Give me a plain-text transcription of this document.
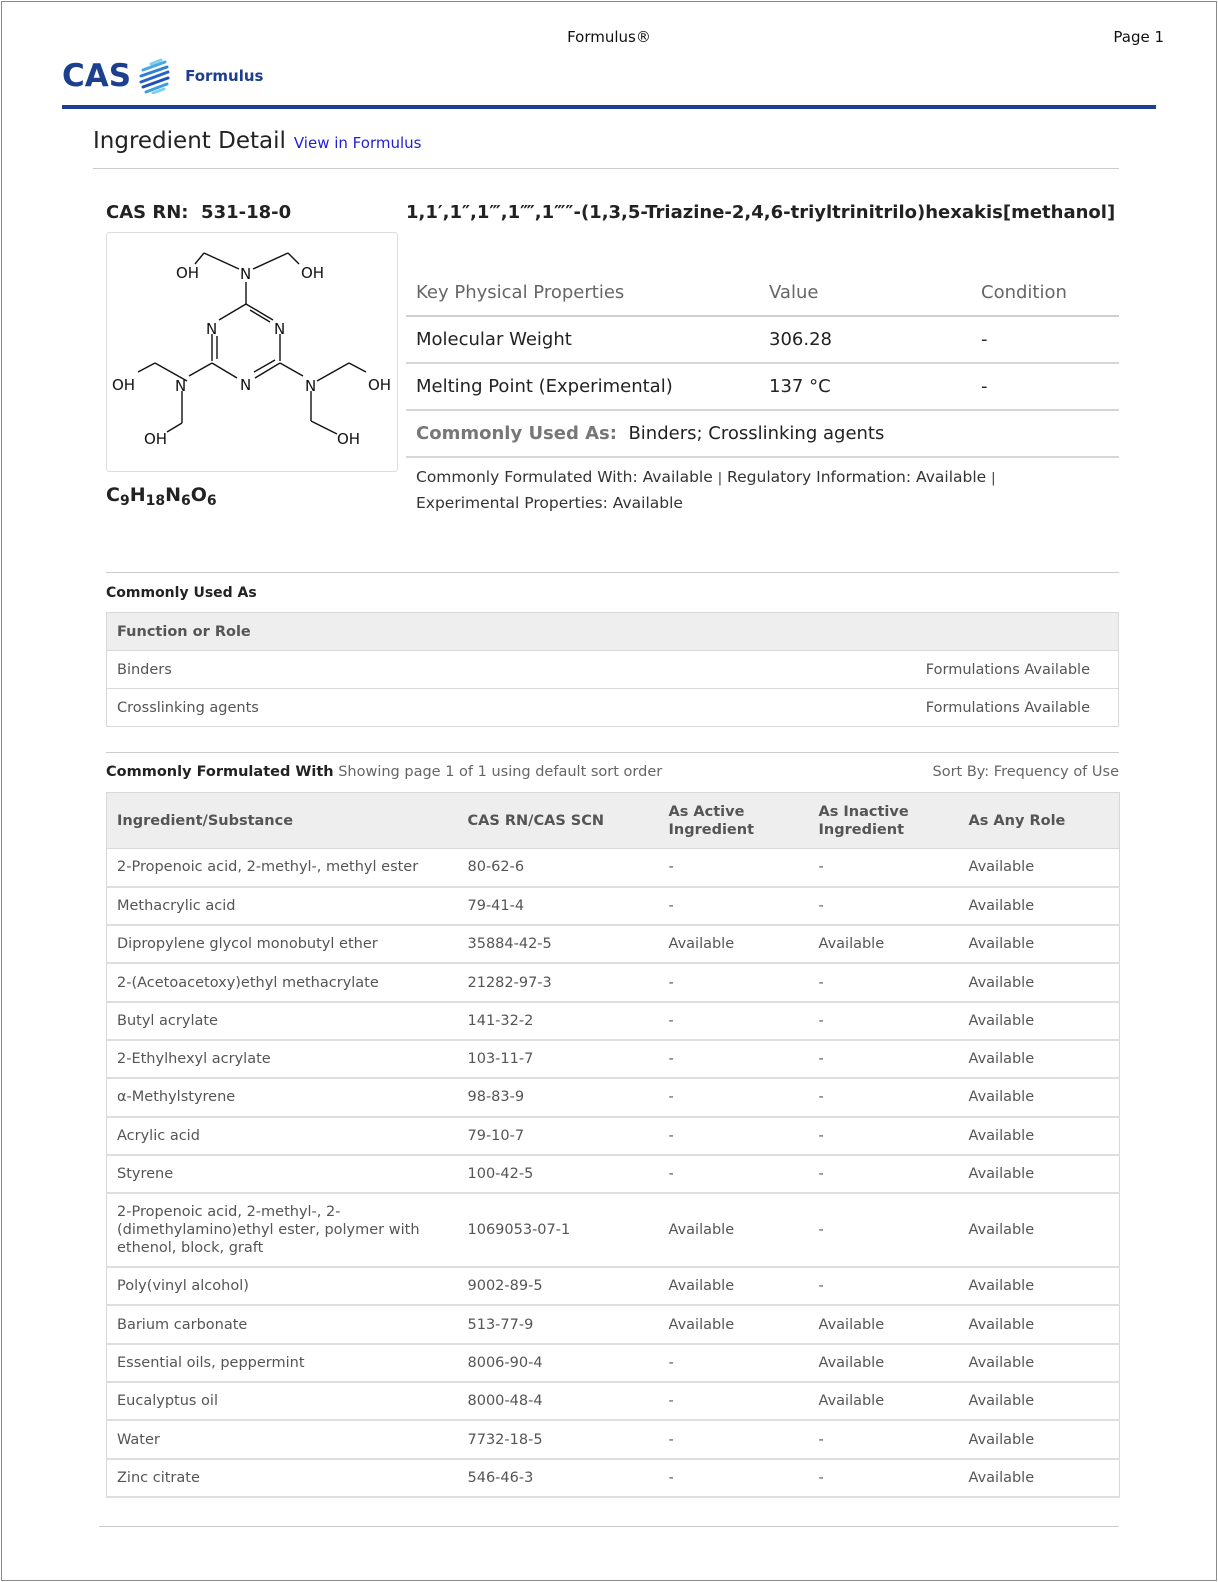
Formulus®	Page 1
CAS	Formulus
Ingredient Detail View in Formulus
CAS RN: 531-18-0
N
OH	OH
N	N
N
N	N
OH
OH
OH
OH
$C_9H_{18}N_6O_6$
1,1′,1″,1‴,1⁗,1‴″-(1,3,5-Triazine-2,4,6-triyltrinitrilo)hexakis[methanol]
Key Physical Properties	Value	Condition
Molecular Weight	306.28	-
Melting Point (Experimental)	137 °C	-
Commonly Used As: Binders; Crosslinking agents		
Commonly Formulated With: Available | Regulatory Information: Available |
Experimental Properties: Available
Commonly Used As
Function or Role	
Binders	Formulations Available
Crosslinking agents	Formulations Available
Commonly Formulated With Showing page 1 of 1 using default sort order	Sort By: Frequency of Use
Ingredient/Substance	CAS RN/CAS SCN	As Active Ingredient	As Inactive Ingredient	As Any Role
2-Propenoic acid, 2-methyl-, methyl ester	80-62-6	-	-	Available
Methacrylic acid	79-41-4	-	-	Available
Dipropylene glycol monobutyl ether	35884-42-5	Available	Available	Available
2-(Acetoacetoxy)ethyl methacrylate	21282-97-3	-	-	Available
Butyl acrylate	141-32-2	-	-	Available
2-Ethylhexyl acrylate	103-11-7	-	-	Available
α-Methylstyrene	98-83-9	-	-	Available
Acrylic acid	79-10-7	-	-	Available
Styrene	100-42-5	-	-	Available
2-Propenoic acid, 2-methyl-, 2-(dimethylamino)ethyl ester, polymer with ethenol, block, graft	1069053-07-1	Available	-	Available
Poly(vinyl alcohol)	9002-89-5	Available	-	Available
Barium carbonate	513-77-9	Available	Available	Available
Essential oils, peppermint	8006-90-4	-	Available	Available
Eucalyptus oil	8000-48-4	-	Available	Available
Water	7732-18-5	-	-	Available
Zinc citrate	546-46-3	-	-	Available
